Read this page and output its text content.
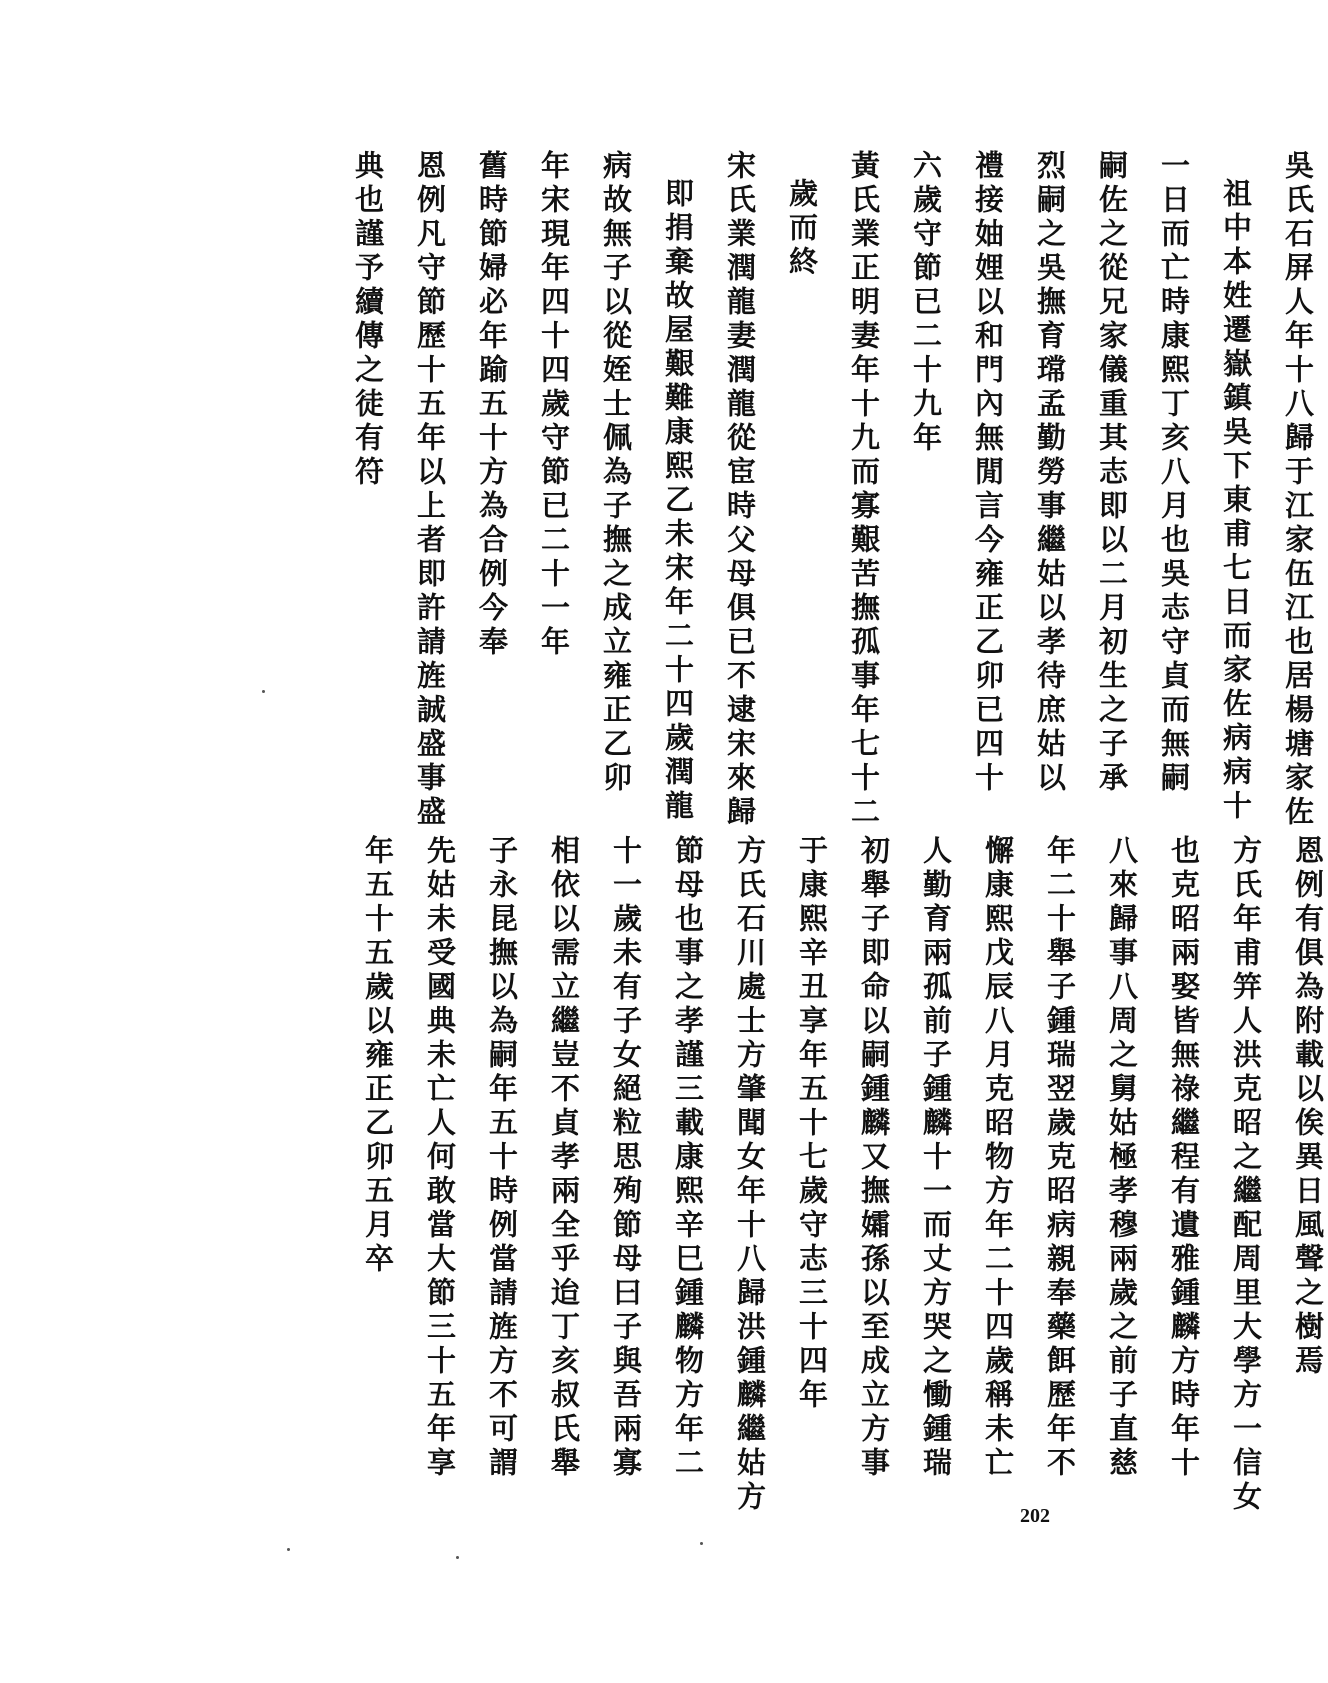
吳氏石屏人年十八歸于江家伍江也居楊塘家佐
祖中本姓遷嶽鎮吳下東甫七日而家佐病病十
一日而亡時康熙丁亥八月也吳志守貞而無嗣
嗣佐之從兄家儀重其志即以二月初生之子承
烈嗣之吳撫育瑺孟勤勞事繼姑以孝待庶姑以
禮接妯娌以和門內無閒言今雍正乙卯已四十
六歲守節已二十九年
黃氏業正明妻年十九而寡艱苦撫孤事年七十二
歲而終
宋氏業潤龍妻潤龍從宦時父母俱已不逮宋來歸
即捐棄故屋艱難康熙乙未宋年二十四歲潤龍
病故無子以從姪士佩為子撫之成立雍正乙卯
年宋現年四十四歲守節已二十一年
舊時節婦必年踰五十方為合例今奉
恩例凡守節歷十五年以上者即許請旌誠盛事盛
典也謹予續傳之徒有符
恩例有俱為附載以俟異日風聲之樹焉
方氏年甫笄人洪克昭之繼配周里大學方一信女
也克昭兩娶皆無祿繼程有遺雅鍾麟方時年十
八來歸事八周之舅姑極孝穆兩歲之前子直慈
年二十舉子鍾瑞翌歲克昭病親奉藥餌歷年不
懈康熙戊辰八月克昭物方年二十四歲稱未亡
人勤育兩孤前子鍾麟十一而丈方哭之慟鍾瑞
初舉子即命以嗣鍾麟又撫孀孫以至成立方事
于康熙辛丑享年五十七歲守志三十四年
方氏石川處士方肇聞女年十八歸洪鍾麟繼姑方
節母也事之孝謹三載康熙辛巳鍾麟物方年二
十一歲未有子女絕粒思殉節母曰子與吾兩寡
相依以需立繼豈不貞孝兩全乎迨丁亥叔氏舉
子永昆撫以為嗣年五十時例當請旌方不可謂
先姑未受國典未亡人何敢當大節三十五年享
年五十五歲以雍正乙卯五月卒
202
